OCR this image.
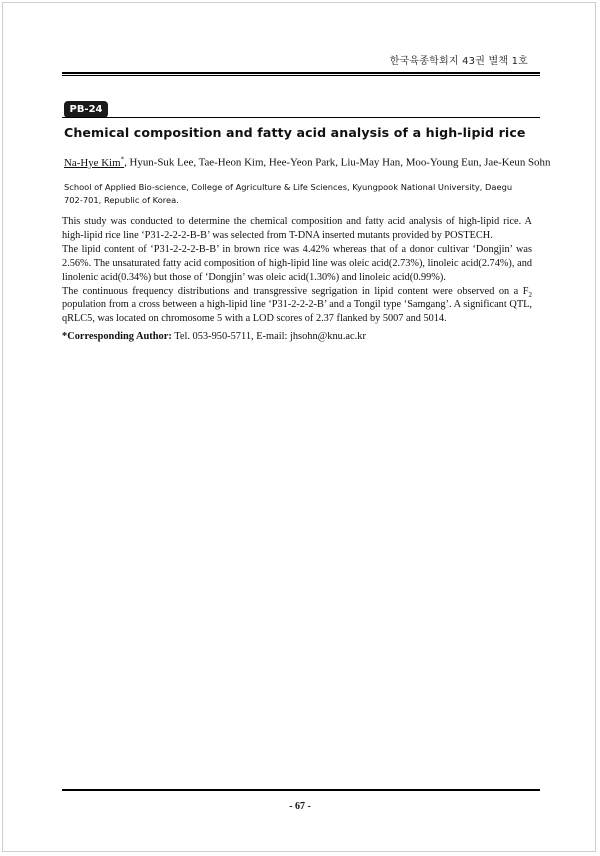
한국육종학회지 43권 별책 1호
PB-24
Chemical composition and fatty acid analysis of a high-lipid rice
Na-Hye Kim*, Hyun-Suk Lee, Tae-Heon Kim, Hee-Yeon Park, Liu-May Han, Moo-Young Eun, Jae-Keun Sohn
School of Applied Bio-science, College of Agriculture & Life Sciences, Kyungpook National University, Daegu
702-701, Republic of Korea.
This study was conducted to determine the chemical composition and fatty acid analysis of high-lipid rice. A
high-lipid rice line ‘P31-2-2-2-B-B’ was selected from T-DNA inserted mutants provided by POSTECH.
The lipid content of ‘P31-2-2-2-B-B’ in brown rice was 4.42% whereas that of a donor cultivar ‘Dongjin’ was
2.56%. The unsaturated fatty acid composition of high-lipid line was oleic acid(2.73%), linoleic acid(2.74%), and
linolenic acid(0.34%) but those of ‘Dongjin’ was oleic acid(1.30%) and linoleic acid(0.99%).
The continuous frequency distributions and transgressive segrigation in lipid content were observed on a $F_2$
population from a cross between a high-lipid line ‘P31-2-2-2-B’ and a Tongil type ‘Samgang’. A significant QTL,
qRLC5, was located on chromosome 5 with a LOD scores of 2.37 flanked by 5007 and 5014.
*Corresponding Author: Tel. 053-950-5711, E-mail: jhsohn@knu.ac.kr
- 67 -
